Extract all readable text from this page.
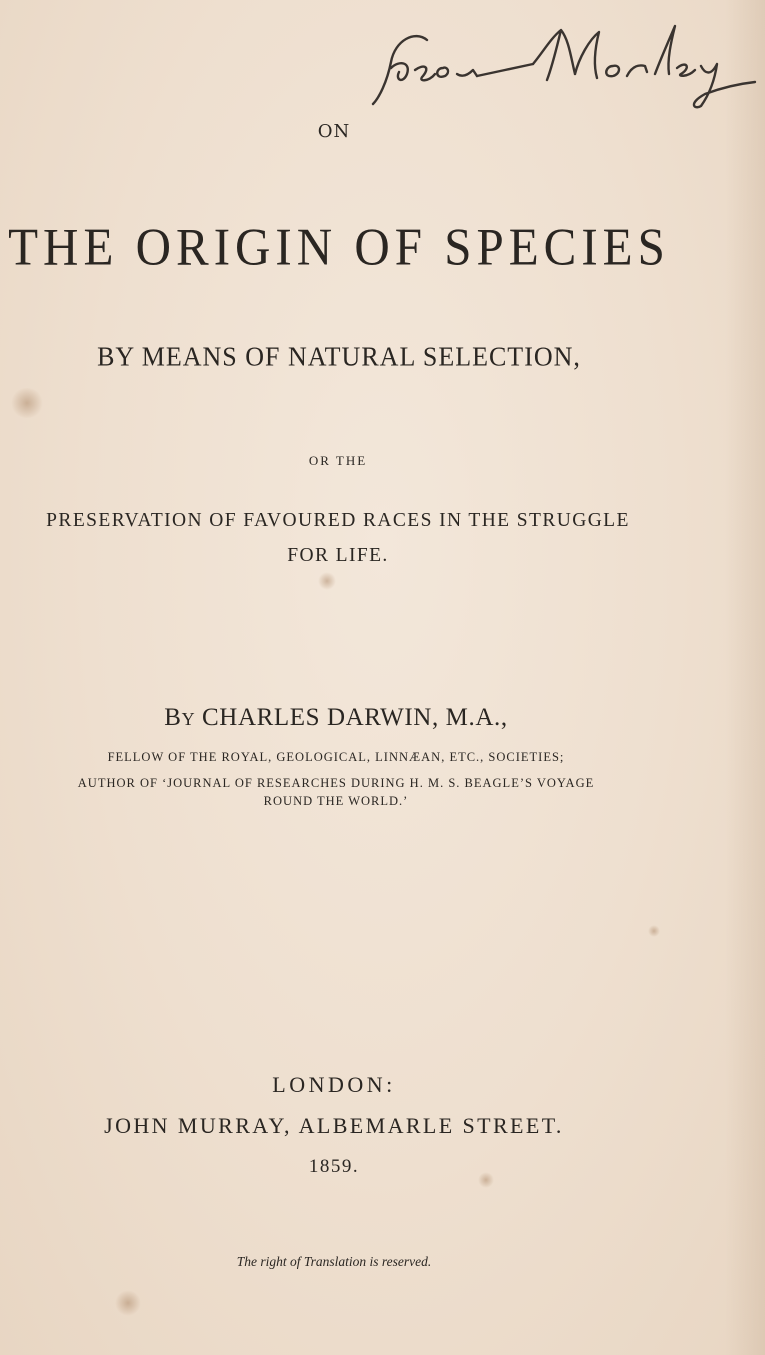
ON

THE ORIGIN OF SPECIES

BY MEANS OF NATURAL SELECTION,

OR THE

PRESERVATION OF FAVOURED RACES IN THE STRUGGLE

FOR LIFE.

BY CHARLES DARWIN, M.A.,

FELLOW OF THE ROYAL, GEOLOGICAL, LINNÆAN, ETC., SOCIETIES;

AUTHOR OF ‘JOURNAL OF RESEARCHES DURING H. M. S. BEAGLE’S VOYAGE

ROUND THE WORLD.’

LONDON:

JOHN MURRAY, ALBEMARLE STREET.

1859.

The right of Translation is reserved.
